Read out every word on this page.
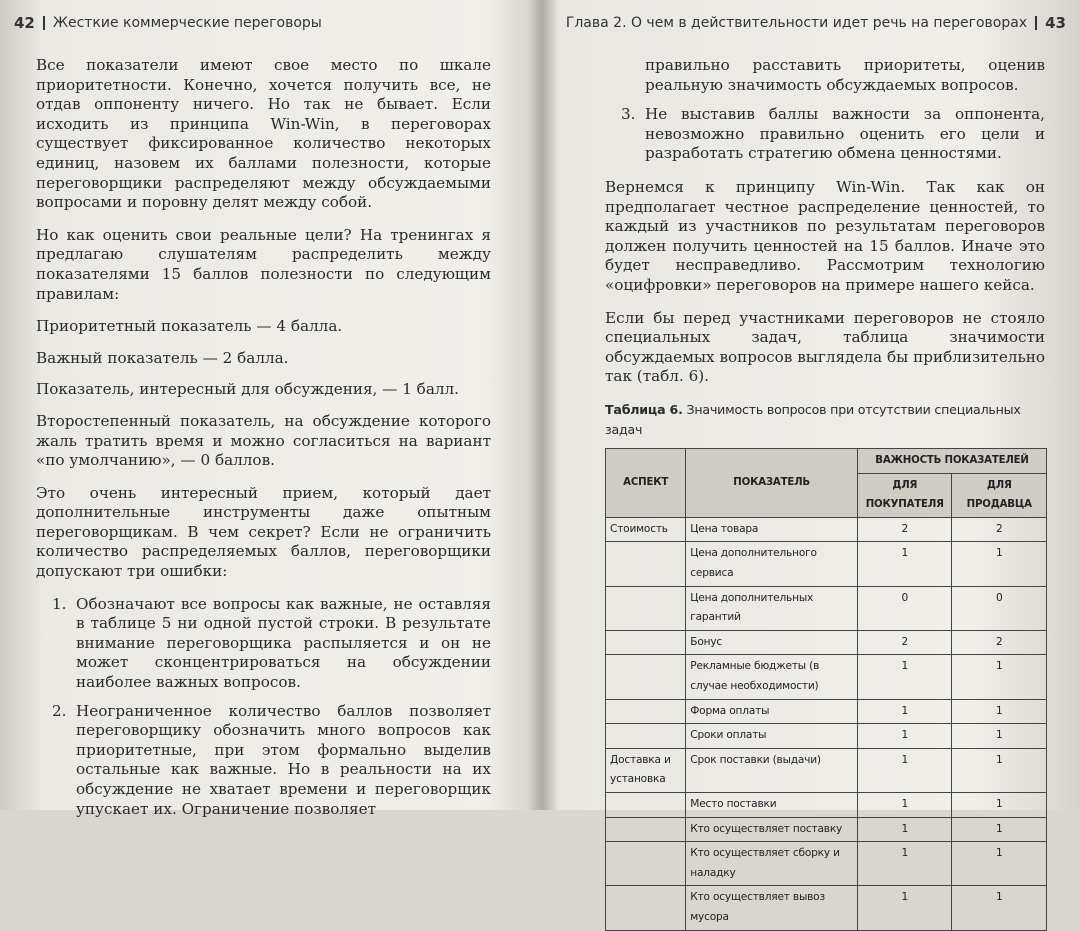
42 Жесткие коммерческие переговоры

Все показатели имеют свое место по шкале приоритетности. Конечно, хочется получить все, не отдав оппоненту ничего. Но так не бывает. Если исходить из принципа Win-Win, в переговорах существует фиксированное количество некоторых единиц, назовем их баллами полезности, которые переговорщики распределяют между обсуждаемыми вопросами и поровну делят между собой.

Но как оценить свои реальные цели? На тренингах я предлагаю слушателям распределить между показателями 15 баллов полезности по следующим правилам:

Приоритетный показатель — 4 балла.

Важный показатель — 2 балла.

Показатель, интересный для обсуждения, — 1 балл.

Второстепенный показатель, на обсуждение которого жаль тратить время и можно согласиться на вариант «по умолчанию», — 0 баллов.

Это очень интересный прием, который дает дополнительные инструменты даже опытным переговорщикам. В чем секрет? Если не ограничить количество распределяемых баллов, переговорщики допускают три ошибки:

1. Обозначают все вопросы как важные, не оставляя в таблице 5 ни одной пустой строки. В результате внимание переговорщика распыляется и он не может сконцентрироваться на обсуждении наиболее важных вопросов.
2. Неограниченное количество баллов позволяет переговорщику обозначить много вопросов как приоритетные, при этом формально выделив остальные как важные. Но в реальности на их обсуждение не хватает времени и переговорщик упускает их. Ограничение позволяет
Глава 2. О чем в действительности идет речь на переговорах 43

правильно расставить приоритеты, оценив реальную значимость обсуждаемых вопросов.

3. Не выставив баллы важности за оппонента, невозможно правильно оценить его цели и разработать стратегию обмена ценностями.

Вернемся к принципу Win-Win. Так как он предполагает честное распределение ценностей, то каждый из участников по результатам переговоров должен получить ценностей на 15 баллов. Иначе это будет несправедливо. Рассмотрим технологию «оцифровки» переговоров на примере нашего кейса.

Если бы перед участниками переговоров не стояло специальных задач, таблица значимости обсуждаемых вопросов выглядела бы приблизительно так (табл. 6).

Таблица 6. Значимость вопросов при отсутствии специальных задач
АСПЕКТ	ПОКАЗАТЕЛЬ	ВАЖНОСТЬ ПОКАЗАТЕЛЕЙ	
		ДЛЯ ПОКУПАТЕЛЯ	ДЛЯ ПРОДАВЦА
Стоимость	Цена товара	2	2
	Цена дополнительного сервиса	1	1
	Цена дополнительных гарантий	0	0
	Бонус	2	2
	Рекламные бюджеты (в случае необходимости)	1	1
	Форма оплаты	1	1
	Сроки оплаты	1	1
Доставка и установка	Срок поставки (выдачи)	1	1
	Место поставки	1	1
	Кто осуществляет поставку	1	1
	Кто осуществляет сборку и наладку	1	1
	Кто осуществляет вывоз мусора	1	1
